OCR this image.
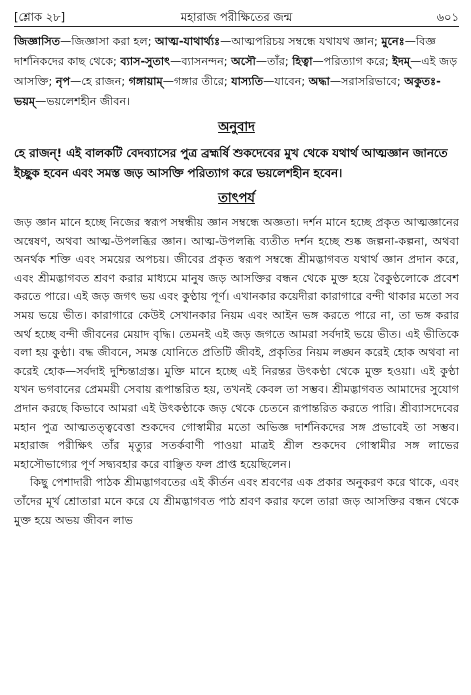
[শ্লোক ২৮]	মহারাজ পরীক্ষিতের জন্ম	৬০১

জিজ্ঞাসিত—জিজ্ঞাসা করা হল; আত্ম-যাথার্থ্যঃ—আত্মপরিচয় সম্বন্ধে যথাযথ জ্ঞান; মুনেঃ—বিজ্ঞ দার্শনিকদের কাছ থেকে; ব্যাস-সুতাৎ—ব্যাসনন্দন; অসৌ—তাঁর; হিত্বা—পরিত্যাগ করে; ইদম্—এই জড় আসক্তি; নৃপ—হে রাজন; গঙ্গায়াম্—গঙ্গার তীরে; যাস্যতি—যাবেন; অদ্ধা—সরাসরিভাবে; অকুতঃ-ভয়ম্—ভয়লেশহীন জীবন।

অনুবাদ

হে রাজন্! এই বালকটি বেদব্যাসের পুত্র ব্রহ্মর্ষি শুকদেবের মুখ থেকে যথার্থ আত্মজ্ঞান জানতে ইচ্ছুক হবেন এবং সমস্ত জড় আসক্তি পরিত্যাগ করে ভয়লেশহীন হবেন।

তাৎপর্য

জড় জ্ঞান মানে হচ্ছে নিজের স্বরূপ সম্বন্ধীয় জ্ঞান সম্বন্ধে অজ্ঞতা। দর্শন মানে হচ্ছে প্রকৃত আত্মজ্ঞানের অন্বেষণ, অথবা আত্ম-উপলব্ধির জ্ঞান। আত্ম-উপলব্ধি ব্যতীত দর্শন হচ্ছে শুষ্ক জল্পনা-কল্পনা, অথবা অনর্থক শক্তি এবং সময়ের অপচয়। জীবের প্রকৃত স্বরূপ সম্বন্ধে শ্রীমদ্ভাগবত যথার্থ জ্ঞান প্রদান করে, এবং শ্রীমদ্ভাগবত শ্রবণ করার মাধ্যমে মানুষ জড় আসক্তির বন্ধন থেকে মুক্ত হয়ে বৈকুণ্ঠলোকে প্রবেশ করতে পারে। এই জড় জগৎ ভয় এবং কুণ্ঠায় পূর্ণ। এখানকার কয়েদীরা কারাগারে বন্দী থাকার মতো সব সময় ভয়ে ভীত। কারাগারে কেউই সেখানকার নিয়ম এবং আইন ভঙ্গ করতে পারে না, তা ভঙ্গ করার অর্থ হচ্ছে বন্দী জীবনের মেয়াদ বৃদ্ধি। তেমনই এই জড় জগতে আমরা সর্বদাই ভয়ে ভীত। এই ভীতিকে বলা হয় কুণ্ঠা। বদ্ধ জীবনে, সমস্ত যোনিতে প্রতিটি জীবই, প্রকৃতির নিয়ম লঙ্ঘন করেই হোক অথবা না করেই হোক—সর্বদাই দুশ্চিন্তাগ্রস্ত। মুক্তি মানে হচ্ছে এই নিরন্তর উৎকণ্ঠা থেকে মুক্ত হওয়া। এই কুণ্ঠা যখন ভগবানের প্রেমময়ী সেবায় রূপান্তরিত হয়, তখনই কেবল তা সম্ভব। শ্রীমদ্ভাগবত আমাদের সুযোগ প্রদান করছে কিভাবে আমরা এই উৎকণ্ঠাকে জড় থেকে চেতনে রূপান্তরিত করতে পারি। শ্রীব্যাসদেবের মহান পুত্র আত্মতত্ত্ববেত্তা শুকদেব গোস্বামীর মতো অভিজ্ঞ দার্শনিকদের সঙ্গ প্রভাবেই তা সম্ভব। মহারাজ পরীক্ষিৎ তাঁর মৃত্যুর সতর্কবাণী পাওয়া মাত্রই শ্রীল শুকদেব গোস্বামীর সঙ্গ লাভের মহাসৌভাগ্যের পূর্ণ সদ্ব্যবহার করে বাঞ্ছিত ফল প্রাপ্ত হয়েছিলেন।

কিছু পেশাদারী পাঠক শ্রীমদ্ভাগবতের এই কীর্তন এবং শ্রবণের এক প্রকার অনুকরণ করে থাকে, এবং তাঁদের মূর্খ শ্রোতারা মনে করে যে শ্রীমদ্ভাগবত পাঠ শ্রবণ করার ফলে তারা জড় আসক্তির বন্ধন থেকে মুক্ত হয়ে অভয় জীবন লাভ
